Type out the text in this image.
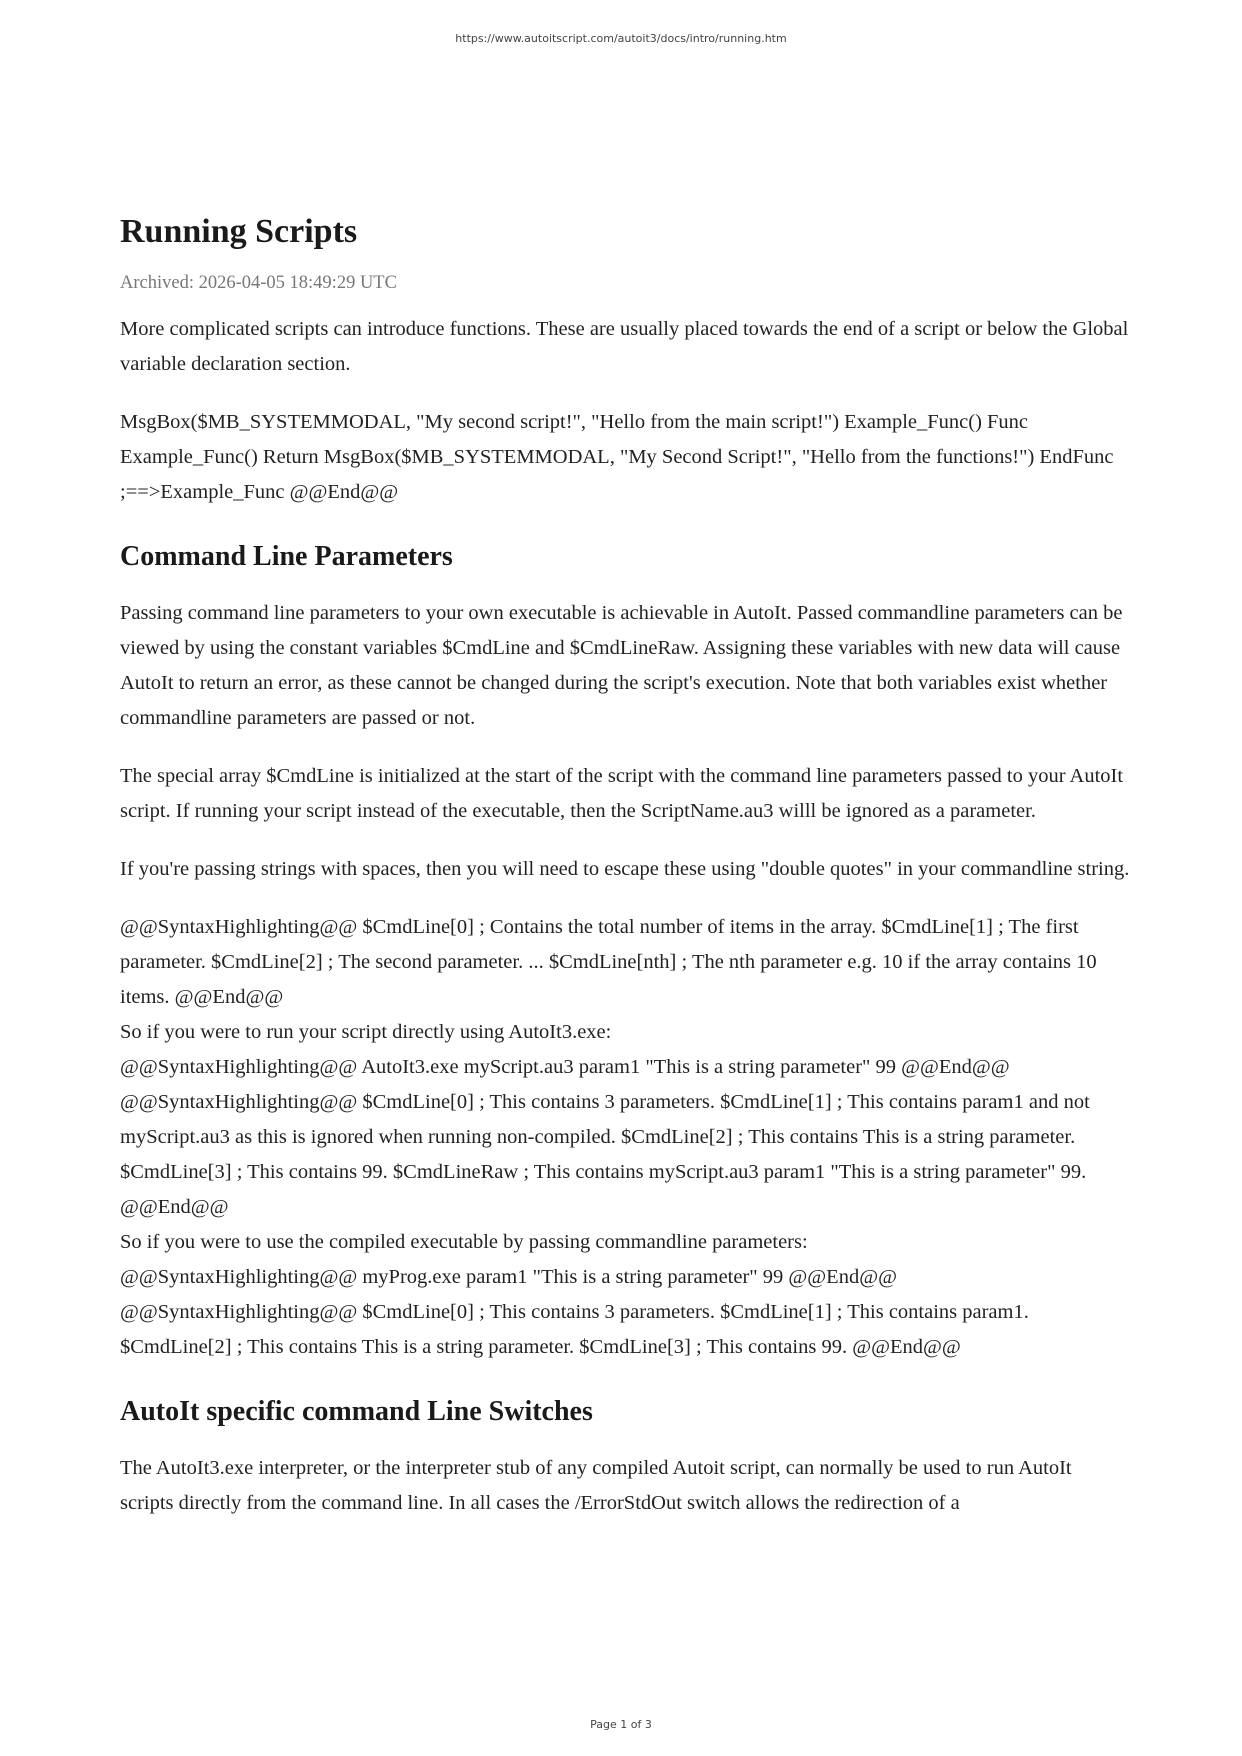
https://www.autoitscript.com/autoit3/docs/intro/running.htm
Running Scripts
Archived: 2026-04-05 18:49:29 UTC

More complicated scripts can introduce functions. These are usually placed towards the end of a script or below the Global variable declaration section.

MsgBox($MB_SYSTEMMODAL, "My second script!", "Hello from the main script!") Example_Func() Func Example_Func() Return MsgBox($MB_SYSTEMMODAL, "My Second Script!", "Hello from the functions!") EndFunc ;==>Example_Func @@End@@

Command Line Parameters

Passing command line parameters to your own executable is achievable in AutoIt. Passed commandline parameters can be viewed by using the constant variables $CmdLine and $CmdLineRaw. Assigning these variables with new data will cause AutoIt to return an error, as these cannot be changed during the script's execution. Note that both variables exist whether commandline parameters are passed or not.

The special array $CmdLine is initialized at the start of the script with the command line parameters passed to your AutoIt script. If running your script instead of the executable, then the ScriptName.au3 willl be ignored as a parameter.

If you're passing strings with spaces, then you will need to escape these using "double quotes" in your commandline string.

@@SyntaxHighlighting@@ $CmdLine[0] ; Contains the total number of items in the array. $CmdLine[1] ; The first parameter. $CmdLine[2] ; The second parameter. ... $CmdLine[nth] ; The nth parameter e.g. 10 if the array contains 10 items. @@End@@
So if you were to run your script directly using AutoIt3.exe:
@@SyntaxHighlighting@@ AutoIt3.exe myScript.au3 param1 "This is a string parameter" 99 @@End@@
@@SyntaxHighlighting@@ $CmdLine[0] ; This contains 3 parameters. $CmdLine[1] ; This contains param1 and not myScript.au3 as this is ignored when running non-compiled. $CmdLine[2] ; This contains This is a string parameter. $CmdLine[3] ; This contains 99. $CmdLineRaw ; This contains myScript.au3 param1 "This is a string parameter" 99. @@End@@
So if you were to use the compiled executable by passing commandline parameters:
@@SyntaxHighlighting@@ myProg.exe param1 "This is a string parameter" 99 @@End@@
@@SyntaxHighlighting@@ $CmdLine[0] ; This contains 3 parameters. $CmdLine[1] ; This contains param1. $CmdLine[2] ; This contains This is a string parameter. $CmdLine[3] ; This contains 99. @@End@@
AutoIt specific command Line Switches

The AutoIt3.exe interpreter, or the interpreter stub of any compiled Autoit script, can normally be used to run AutoIt scripts directly from the command line. In all cases the /ErrorStdOut switch allows the redirection of a

Page 1 of 3
